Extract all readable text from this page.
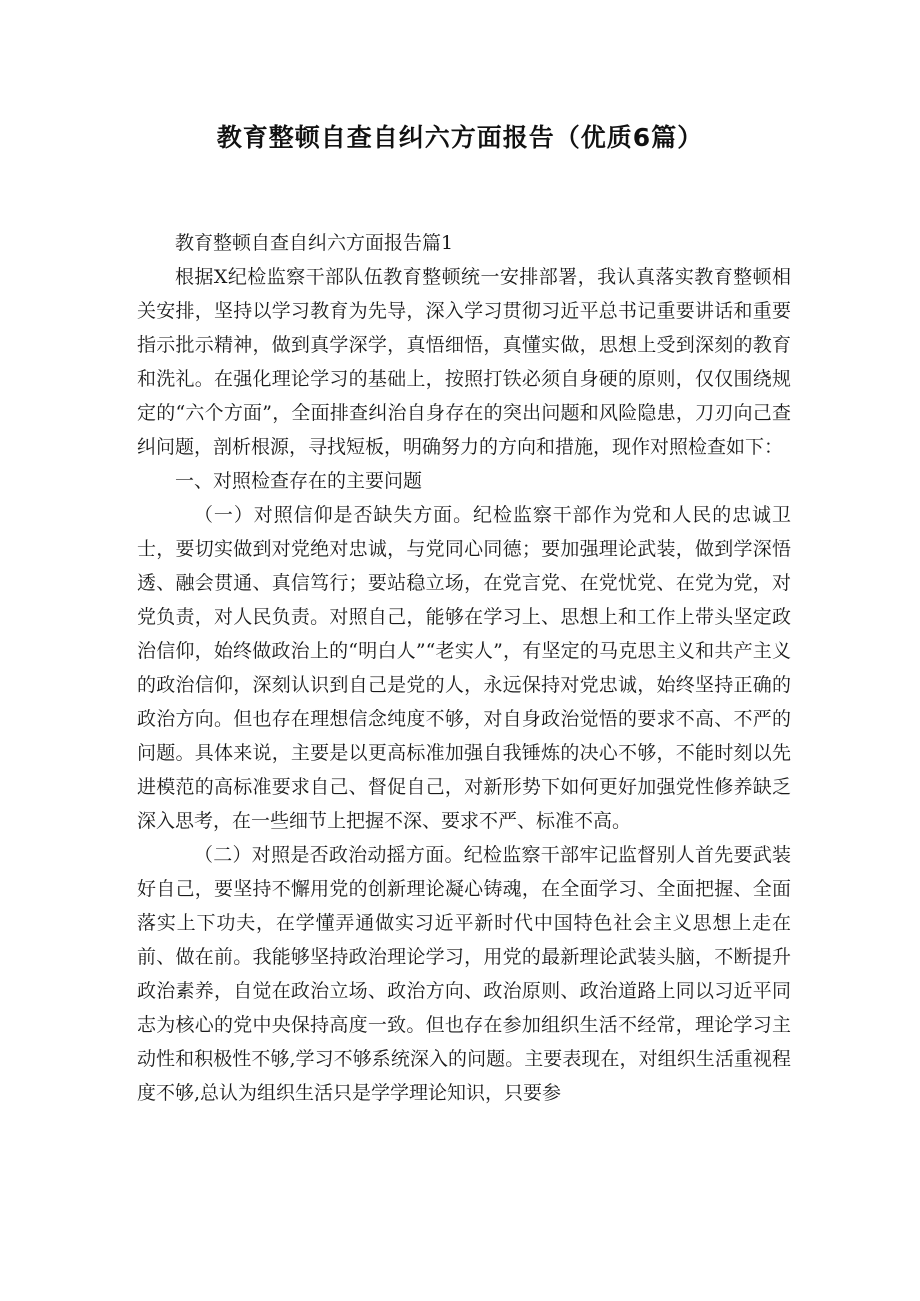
教育整顿自查自纠六方面报告（优质6篇）

教育整顿自查自纠六方面报告篇1

根据X纪检监察干部队伍教育整顿统一安排部署，我认真落实教育整顿相关安排，坚持以学习教育为先导，深入学习贯彻习近平总书记重要讲话和重要指示批示精神，做到真学深学，真悟细悟，真懂实做，思想上受到深刻的教育和洗礼。在强化理论学习的基础上，按照打铁必须自身硬的原则，仅仅围绕规定的“六个方面”，全面排查纠治自身存在的突出问题和风险隐患，刀刃向己查纠问题，剖析根源，寻找短板，明确努力的方向和措施，现作对照检查如下：

一、对照检查存在的主要问题

（一）对照信仰是否缺失方面。纪检监察干部作为党和人民的忠诚卫士，要切实做到对党绝对忠诚，与党同心同德；要加强理论武装，做到学深悟透、融会贯通、真信笃行；要站稳立场，在党言党、在党忧党、在党为党，对党负责，对人民负责。对照自己，能够在学习上、思想上和工作上带头坚定政治信仰，始终做政治上的“明白人”“老实人”，有坚定的马克思主义和共产主义的政治信仰，深刻认识到自己是党的人，永远保持对党忠诚，始终坚持正确的政治方向。但也存在理想信念纯度不够，对自身政治觉悟的要求不高、不严的问题。具体来说，主要是以更高标准加强自我锤炼的决心不够，不能时刻以先进模范的高标准要求自己、督促自己，对新形势下如何更好加强党性修养缺乏深入思考，在一些细节上把握不深、要求不严、标准不高。

（二）对照是否政治动摇方面。纪检监察干部牢记监督别人首先要武装好自己，要坚持不懈用党的创新理论凝心铸魂，在全面学习、全面把握、全面落实上下功夫，在学懂弄通做实习近平新时代中国特色社会主义思想上走在前、做在前。我能够坚持政治理论学习，用党的最新理论武装头脑，不断提升政治素养，自觉在政治立场、政治方向、政治原则、政治道路上同以习近平同志为核心的党中央保持高度一致。但也存在参加组织生活不经常，理论学习主动性和积极性不够,学习不够系统深入的问题。主要表现在，对组织生活重视程度不够,总认为组织生活只是学学理论知识，只要参
